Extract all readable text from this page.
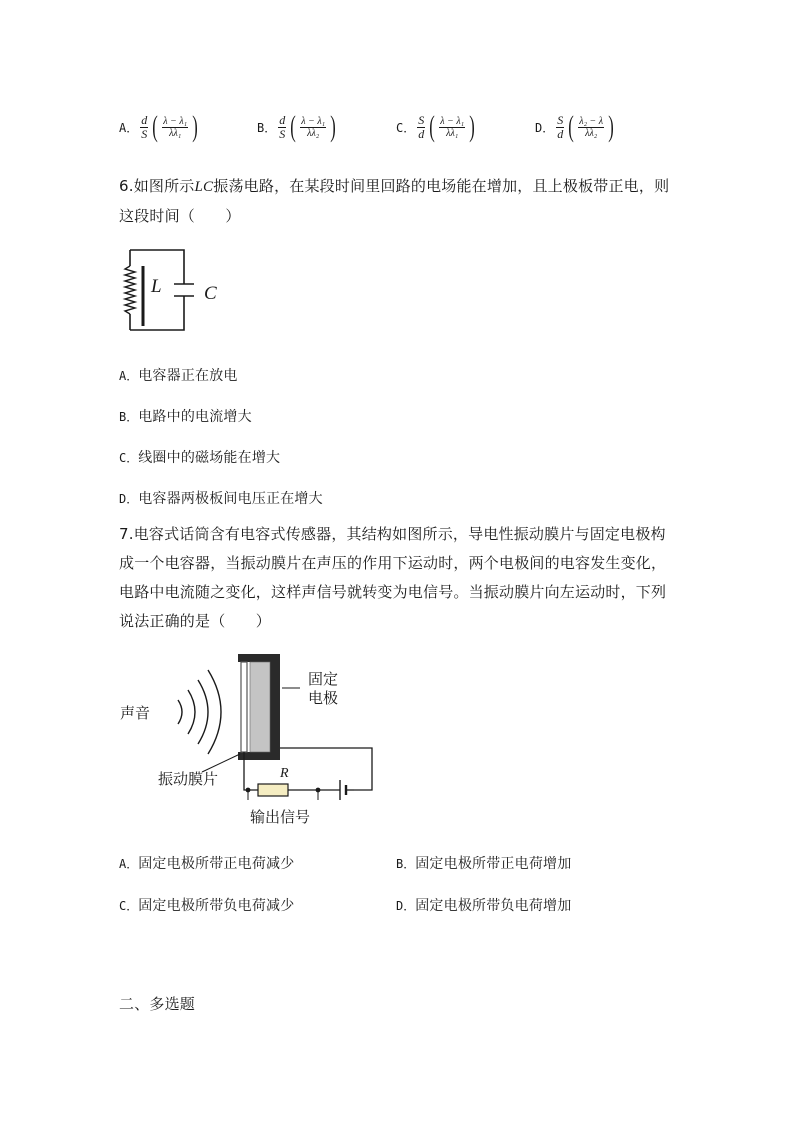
A． $\frac{d}{S}$ ( $\frac{\text{λ − λ₁}}{\text{λλ₁}}$ )	B． $\frac{d}{S}$ ( $\frac{\text{λ − λ₁}}{\text{λλ₂}}$ )	C． $\frac{S}{d}$ ( $\frac{\text{λ − λ₁}}{\text{λλ₁}}$ )	D． $\frac{S}{d}$ ( $\frac{\text{λ₂ − λ}}{\text{λλ₂}}$ )
6.如图所示LC振荡电路，在某段时间里回路的电场能在增加，且上极板带正电，则
这段时间（　　）
L C
A．电容器正在放电
B．电路中的电流增大
C．线圈中的磁场能在增大
D．电容器两极板间电压正在增大
7.电容式话筒含有电容式传感器，其结构如图所示，导电性振动膜片与固定电极构
成一个电容器，当振动膜片在声压的作用下运动时，两个电极间的电容发生变化，
电路中电流随之变化，这样声信号就转变为电信号。当振动膜片向左运动时，下列
说法正确的是（　　）
声音
固定
电极
振动膜片	R
输出信号
A．固定电极所带正电荷减少	B．固定电极所带正电荷增加
C．固定电极所带负电荷减少	D．固定电极所带负电荷增加
二、多选题
